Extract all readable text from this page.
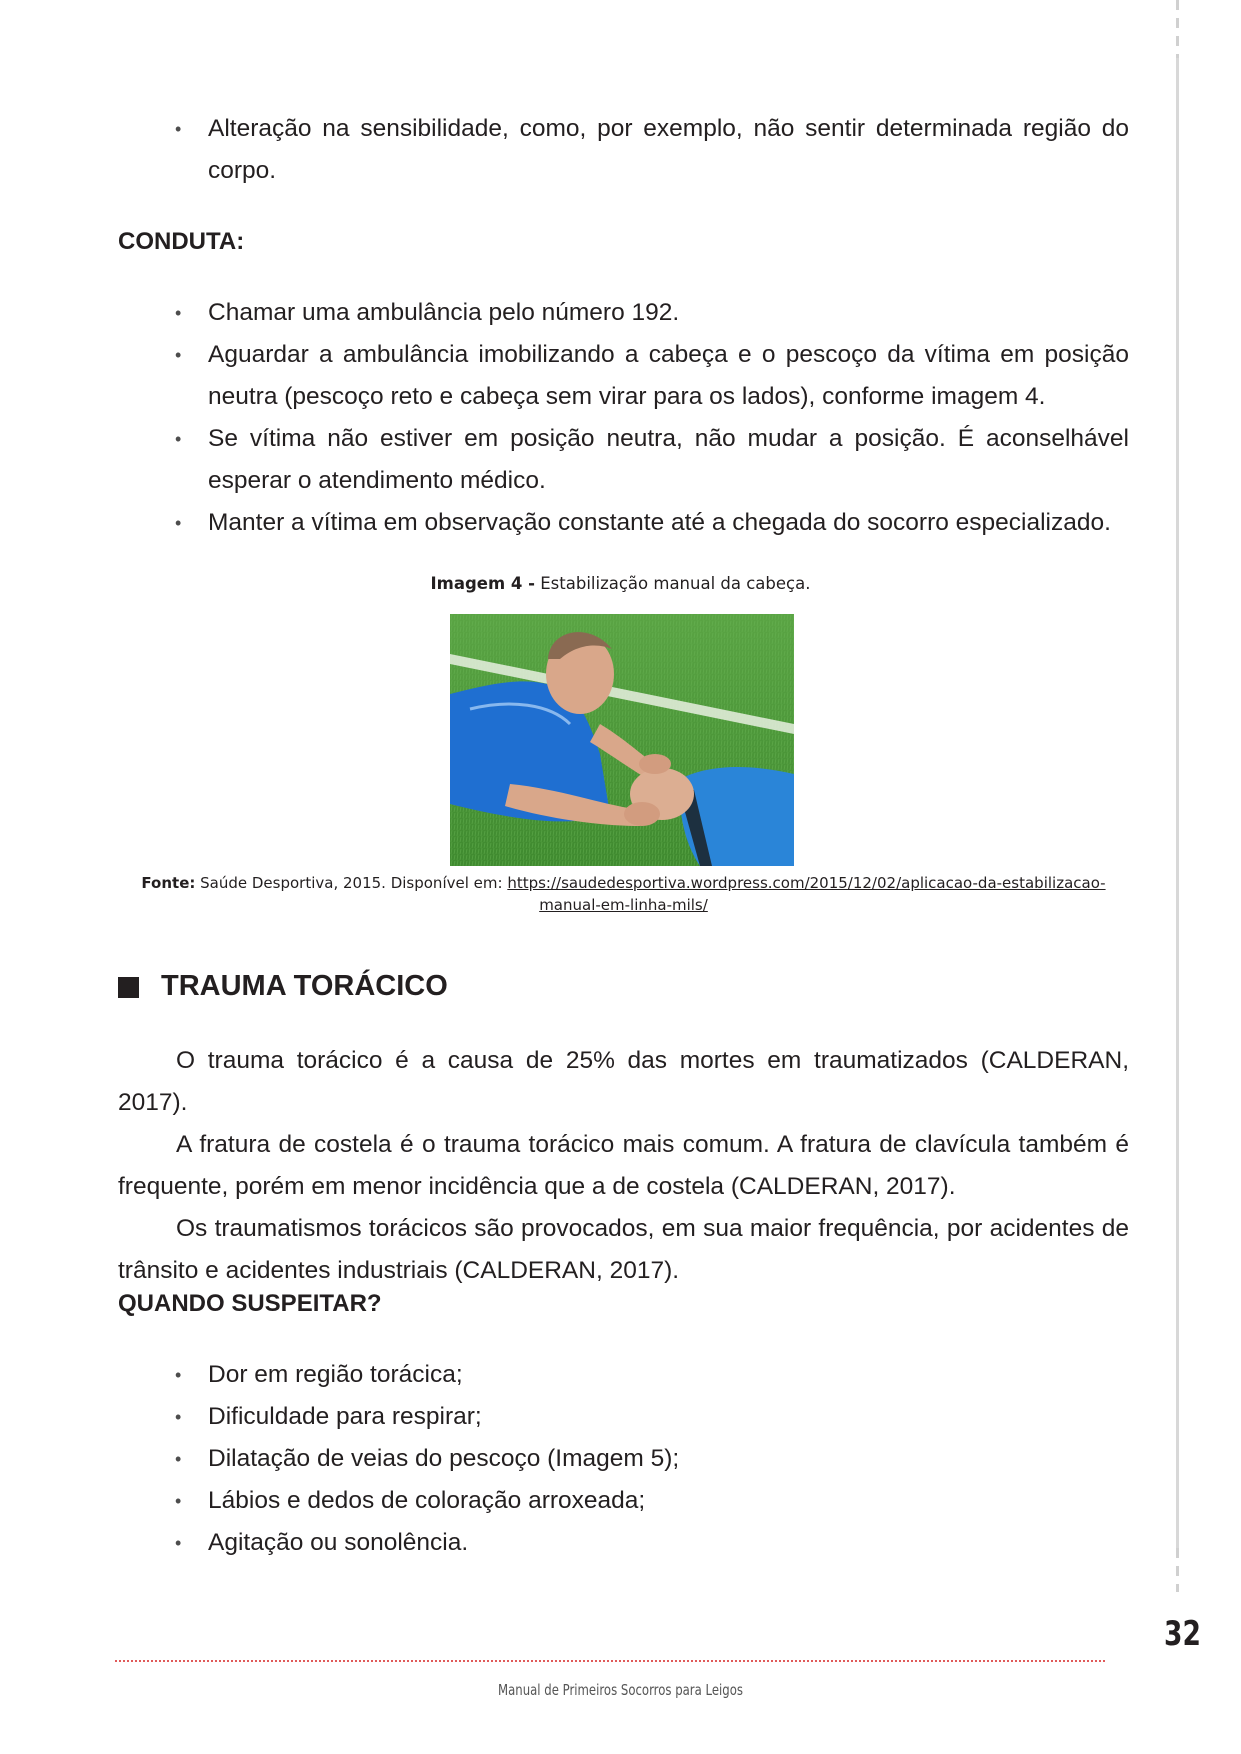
• Alteração na sensibilidade, como, por exemplo, não sentir determinada região do corpo.
CONDUTA:
• Chamar uma ambulância pelo número 192.
• Aguardar a ambulância imobilizando a cabeça e o pescoço da vítima em posição neutra (pescoço reto e cabeça sem virar para os lados), conforme imagem 4.
• Se vítima não estiver em posição neutra, não mudar a posição. É aconselhável esperar o atendimento médico.
• Manter a vítima em observação constante até a chegada do socorro especializado.
Imagem 4 - Estabilização manual da cabeça.
Fonte: Saúde Desportiva, 2015. Disponível em: https://saudedesportiva.wordpress.com/2015/12/02/aplicacao-da-estabilizacao-manual-em-linha-mils/
TRAUMA TORÁCICO
O trauma torácico é a causa de 25% das mortes em traumatizados (CALDERAN, 2017).
A fratura de costela é o trauma torácico mais comum. A fratura de clavícula também é frequente, porém em menor incidência que a de costela (CALDERAN, 2017).
Os traumatismos torácicos são provocados, em sua maior frequência, por acidentes de trânsito e acidentes industriais (CALDERAN, 2017).
QUANDO SUSPEITAR?
• Dor em região torácica;
• Dificuldade para respirar;
• Dilatação de veias do pescoço (Imagem 5);
• Lábios e dedos de coloração arroxeada;
• Agitação ou sonolência.
32
Manual de Primeiros Socorros para Leigos
